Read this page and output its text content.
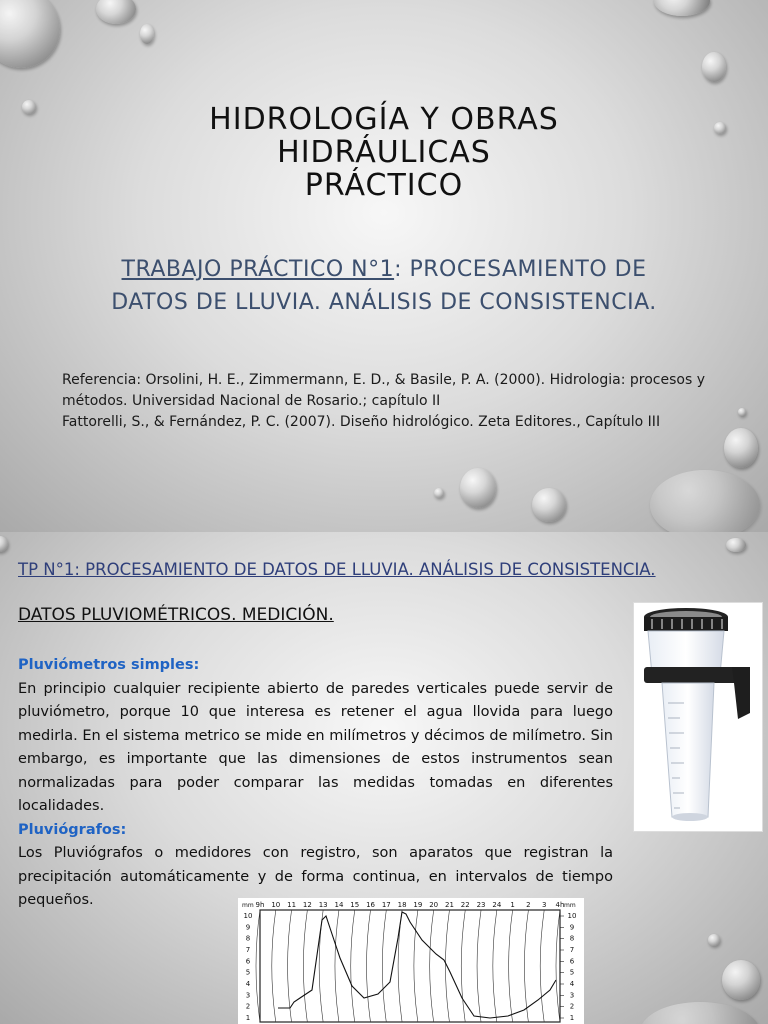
HIDROLOGÍA Y OBRAS
HIDRÁULICAS
PRÁCTICO
TRABAJO PRÁCTICO N°1: PROCESAMIENTO DE DATOS DE LLUVIA. ANÁLISIS DE CONSISTENCIA.
Referencia: Orsolini, H. E., Zimmermann, E. D., & Basile, P. A. (2000). Hidrologia: procesos y métodos. Universidad Nacional de Rosario.; capítulo II
Fattorelli, S., & Fernández, P. C. (2007). Diseño hidrológico. Zeta Editores., Capítulo III
TP N°1: PROCESAMIENTO DE DATOS DE LLUVIA. ANÁLISIS DE CONSISTENCIA.
DATOS PLUVIOMÉTRICOS. MEDICIÓN.

Pluviómetros simples:

En principio cualquier recipiente abierto de paredes verticales puede servir de pluviómetro, porque 10 que interesa es retener el agua llovida para luego medirla. En el sistema metrico se mide en milímetros y décimos de milímetro. Sin embargo, es importante que las dimensiones de estos instrumentos sean normalizadas para poder comparar las medidas tomadas en diferentes localidades.

Pluviógrafos:

Los Pluviógrafos o medidores con registro, son aparatos que registran la precipitación automáticamente y de forma continua, en intervalos de tiempo pequeños.	9h 10 11 12 13 14 15 16 17 18 19 20 21 22 23 24 1 2 3 4h
mm	mm
10	10
9	9
8	8
7	7
6	6
5	5
4	4
3	3
2	2
1	1
